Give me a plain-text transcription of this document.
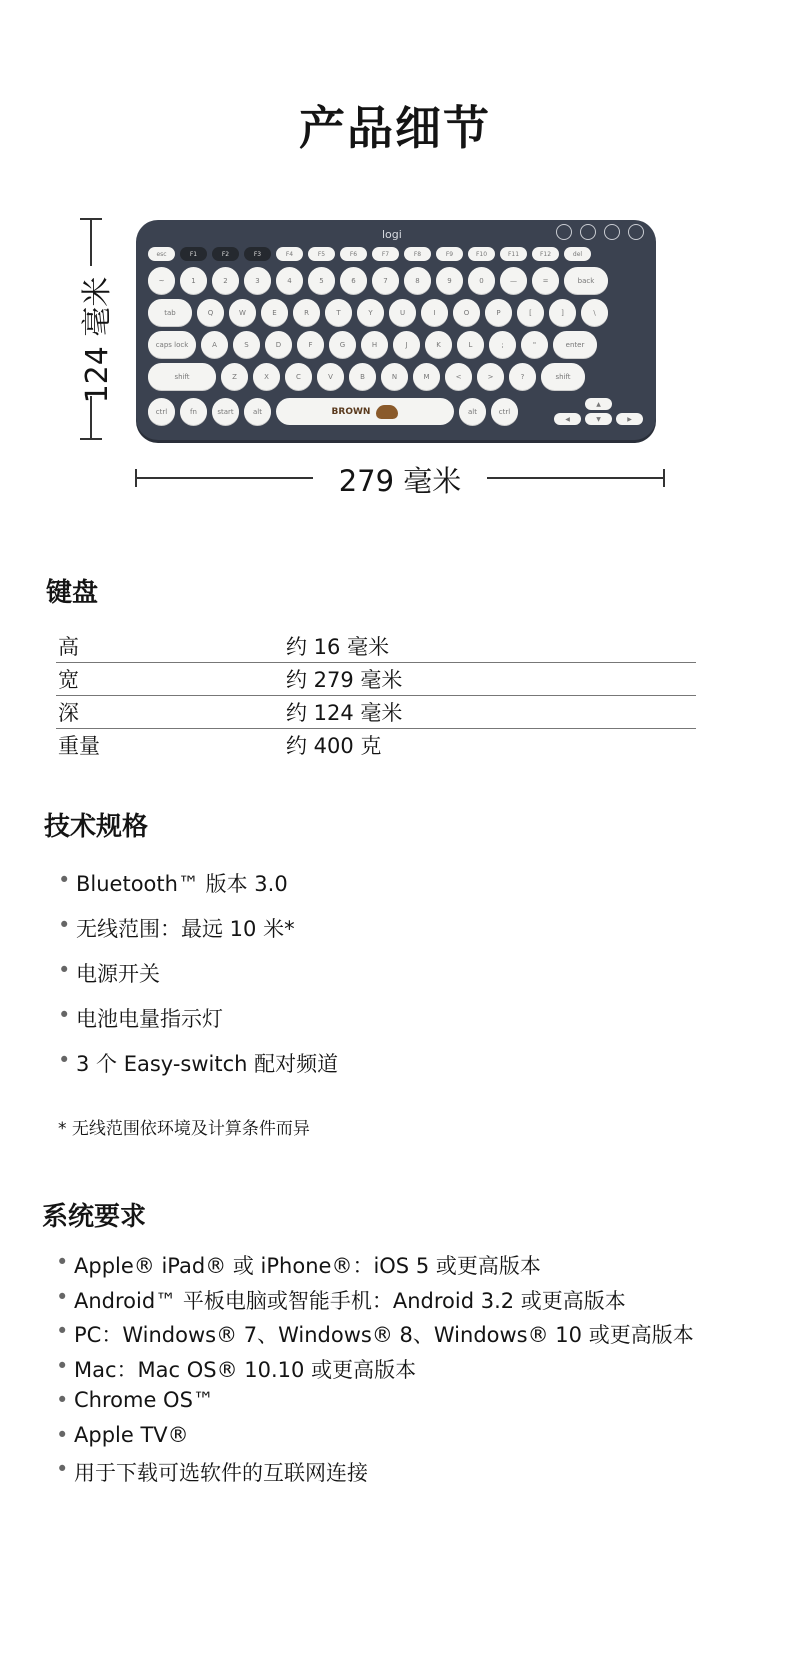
产品细节
124 毫米
logi
esc	F1	F2	F3	F4	F5	F6	F7	F8	F9	F10	F11	F12	del
~	1	2	3	4	5	6	7	8	9	0	—	=	back
tab	Q	W	E	R	T	Y	U	I	O	P	[	]	\
caps lock	A	S	D	F	G	H	J	K	L	;	"	enter
shift	Z	X	C	V	B	N	M	<	>	?	shift
ctrl	fn	start	alt	BROWN	alt	ctrl
▲
◀	▼	▶
279 毫米
键盘
高	约 16 毫米
宽	约 279 毫米
深	约 124 毫米
重量	约 400 克
技术规格
• Bluetooth™ 版本 3.0
• 无线范围：最远 10 米*
• 电源开关
• 电池电量指示灯
• 3 个 Easy-switch 配对频道
* 无线范围依环境及计算条件而异
系统要求
• Apple® iPad® 或 iPhone®：iOS 5 或更高版本
• Android™ 平板电脑或智能手机：Android 3.2 或更高版本
• PC：Windows® 7、Windows® 8、Windows® 10 或更高版本
• Mac：Mac OS® 10.10 或更高版本
• Chrome OS™
• Apple TV®
• 用于下载可选软件的互联网连接
